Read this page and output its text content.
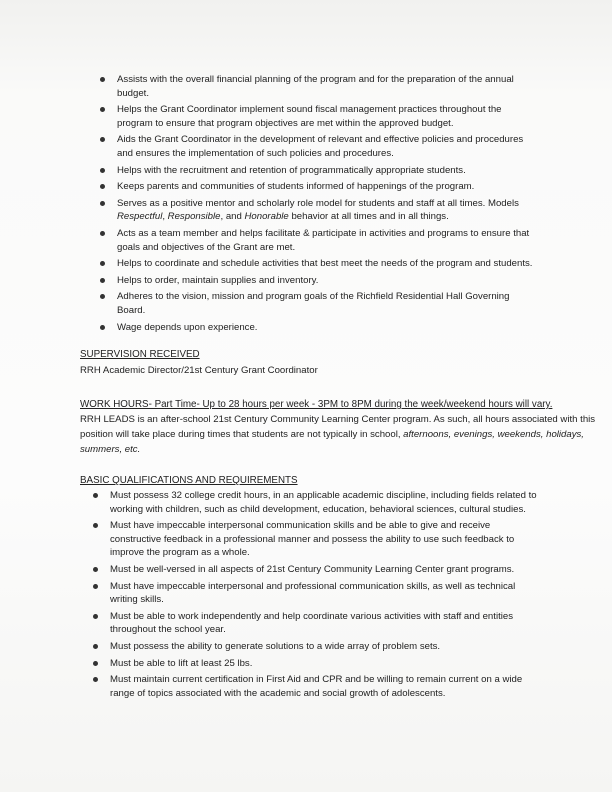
Assists with the overall financial planning of the program and for the preparation of the annual budget.
Helps the Grant Coordinator implement sound fiscal management practices throughout the program to ensure that program objectives are met within the approved budget.
Aids the Grant Coordinator in the development of relevant and effective policies and procedures and ensures the implementation of such policies and procedures.
Helps with the recruitment and retention of programmatically appropriate students.
Keeps parents and communities of students informed of happenings of the program.
Serves as a positive mentor and scholarly role model for students and staff at all times. Models Respectful, Responsible, and Honorable behavior at all times and in all things.
Acts as a team member and helps facilitate & participate in activities and programs to ensure that goals and objectives of the Grant are met.
Helps to coordinate and schedule activities that best meet the needs of the program and students.
Helps to order, maintain supplies and inventory.
Adheres to the vision, mission and program goals of the Richfield Residential Hall Governing Board.
Wage depends upon experience.
SUPERVISION RECEIVED
RRH Academic Director/21st Century Grant Coordinator
WORK HOURS- Part Time- Up to 28 hours per week - 3PM to 8PM during the week/weekend hours will vary.
RRH LEADS is an after-school 21st Century Community Learning Center program. As such, all hours associated with this position will take place during times that students are not typically in school, afternoons, evenings, weekends, holidays, summers, etc.
BASIC QUALIFICATIONS AND REQUIREMENTS
Must possess 32 college credit hours, in an applicable academic discipline, including fields related to working with children, such as child development, education, behavioral sciences, cultural studies.
Must have impeccable interpersonal communication skills and be able to give and receive constructive feedback in a professional manner and possess the ability to use such feedback to improve the program as a whole.
Must be well-versed in all aspects of 21st Century Community Learning Center grant programs.
Must have impeccable interpersonal and professional communication skills, as well as technical writing skills.
Must be able to work independently and help coordinate various activities with staff and entities throughout the school year.
Must possess the ability to generate solutions to a wide array of problem sets.
Must be able to lift at least 25 lbs.
Must maintain current certification in First Aid and CPR and be willing to remain current on a wide range of topics associated with the academic and social growth of adolescents.
